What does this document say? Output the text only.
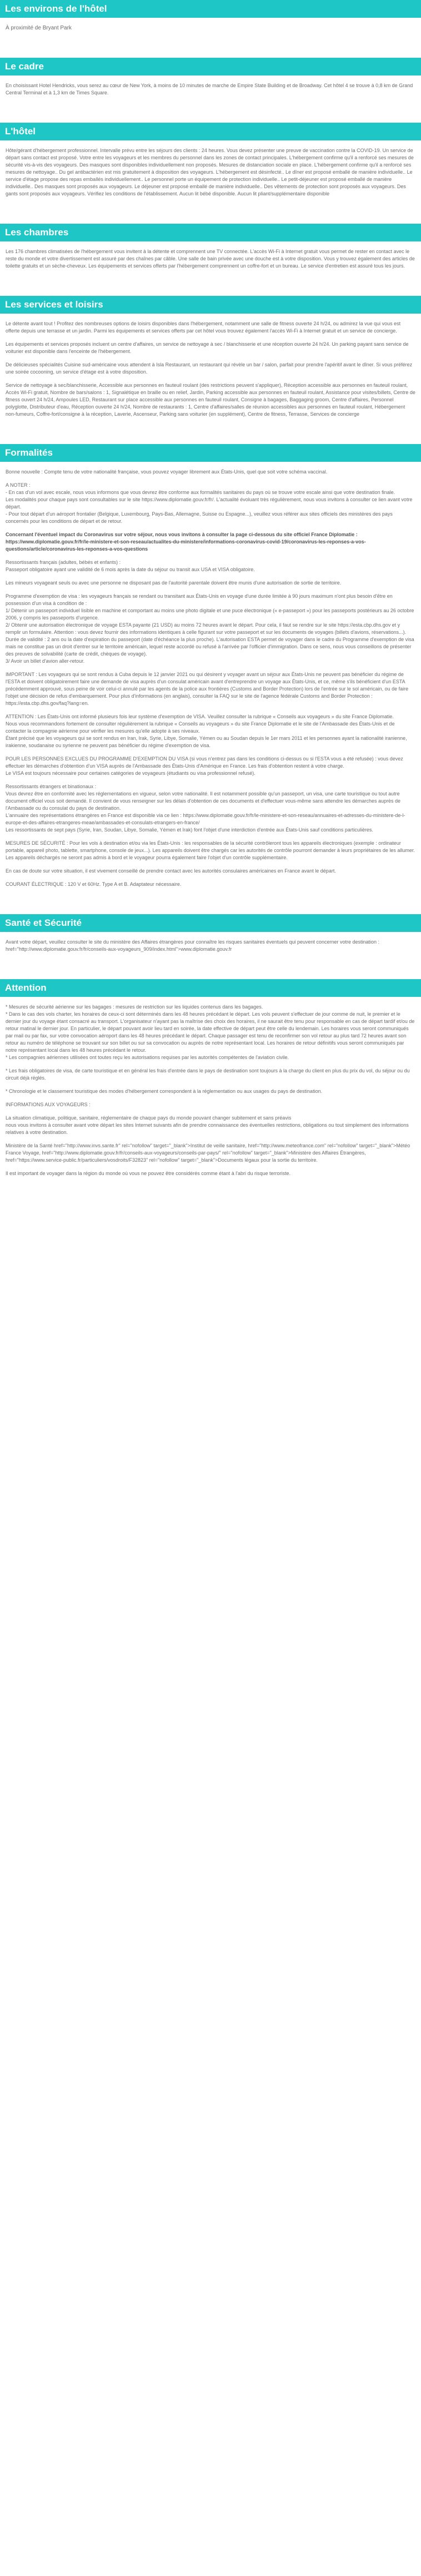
Les environs de l'hôtel

À proximité de Bryant Park

Le cadre

En choisissant Hotel Hendricks, vous serez au cœur de New York, à moins de 10 minutes de marche de Empire State Building et de Broadway. Cet hôtel 4 se trouve à 0,8 km de Grand Central Terminal et à 1,3 km de Times Square.

L'hôtel

Hôte/gérant d'hébergement professionnel. Intervalle prévu entre les séjours des clients : 24 heures. Vous devez présenter une preuve de vaccination contre la COVID-19. Un service de départ sans contact est proposé. Votre entre les voyageurs et les membres du personnel dans les zones de contact principales. L'hébergement confirme qu'il a renforcé ses mesures de sécurité vis-à-vis des voyageurs. Des masques sont disponibles individuellement non proposés. Mesures de distanciation sociale en place. L'hébergement confirme qu'il a renforcé ses mesures de nettoyage.. Du gel antibactérien est mis gratuitement à disposition des voyageurs. L'hébergement est désinfecté.. Le dîner est proposé emballé de manière individuelle.. Le service d'étage propose des repas emballés individuellement.. Le personnel porte un équipement de protection individuelle.. Le petit-déjeuner est proposé emballé de manière individuelle.. Des masques sont proposés aux voyageurs. Le déjeuner est proposé emballé de manière individuelle.. Des vêtements de protection sont proposés aux voyageurs. Des gants sont proposés aux voyageurs. Vérifiez les conditions de l'établissement. Aucun lit bébé disponible. Aucun lit pliant/supplémentaire disponible

Les chambres

Les 176 chambres climatisées de l'hébergement vous invitent à la détente et comprennent une TV connectée. L'accès Wi-Fi à Internet gratuit vous permet de rester en contact avec le reste du monde et votre divertissement est assuré par des chaînes par câble. Une salle de bain privée avec une douche est à votre disposition. Vous y trouvez également des articles de toilette gratuits et un sèche-cheveux. Les équipements et services offerts par l'hébergement comprennent un coffre-fort et un bureau. Le service d'entretien est assuré tous les jours.

Les services et loisirs

Le détente avant tout ! Profitez des nombreuses options de loisirs disponibles dans l'hébergement, notamment une salle de fitness ouverte 24 h/24, ou admirez la vue qui vous est offerte depuis une terrasse et un jardin. Parmi les équipements et services offerts par cet hôtel vous trouvez également l'accès Wi-Fi à Internet gratuit et un service de concierge.

Les équipements et services proposés incluent un centre d'affaires, un service de nettoyage à sec / blanchisserie et une réception ouverte 24 h/24. Un parking payant sans service de voiturier est disponible dans l'enceinte de l'hébergement.

De délicieuses spécialités Cuisine sud-américaine vous attendent à Isla Restaurant, un restaurant qui révèle un bar / salon, parfait pour prendre l'apéritif avant le dîner. Si vous préférez une soirée cocooning, un service d'étage est à votre disposition.

Service de nettoyage à sec/blanchisserie, Accessible aux personnes en fauteuil roulant (des restrictions peuvent s'appliquer), Réception accessible aux personnes en fauteuil roulant, Accès Wi-Fi gratuit, Nombre de bars/salons : 1, Signalétique en braille ou en relief, Jardin, Parking accessible aux personnes en fauteuil roulant, Assistance pour visites/billets, Centre de fitness ouvert 24 h/24, Ampoules LED, Restaurant sur place accessible aux personnes en fauteuil roulant, Consigne à bagages, Baggaging groom, Centre d'affaires, Personnel polyglotte, Distributeur d'eau, Réception ouverte 24 h/24, Nombre de restaurants : 1, Centre d'affaires/salles de réunion accessibles aux personnes en fauteuil roulant, Hébergement non-fumeurs, Coffre-fort/consigne à la réception, Laverie, Ascenseur, Parking sans voiturier (en supplément), Centre de fitness, Terrasse, Services de concierge

Formalités

Bonne nouvelle : Compte tenu de votre nationalité française, vous pouvez voyager librement aux États-Unis, quel que soit votre schéma vaccinal.

A NOTER :
- En cas d'un vol avec escale, nous vous informons que vous devrez être conforme aux formalités sanitaires du pays où se trouve votre escale ainsi que votre destination finale.
Les modalités pour chaque pays sont consultables sur le site https://www.diplomatie.gouv.fr/fr/. L'actualité évoluant très régulièrement, nous vous invitons à consulter ce lien avant votre départ.
- Pour tout départ d'un aéroport frontalier (Belgique, Luxembourg, Pays-Bas, Allemagne, Suisse ou Espagne...), veuillez vous référer aux sites officiels des ministères des pays concernés pour les conditions de départ et de retour.

Concernant l'éventuel impact du Coronavirus sur votre séjour, nous vous invitons à consulter la page ci-dessous du site officiel France Diplomatie :
https://www.diplomatie.gouv.fr/fr/le-ministere-et-son-reseau/actualites-du-ministere/informations-coronavirus-covid-19/coronavirus-les-reponses-a-vos-questions/article/coronavirus-les-reponses-a-vos-questions

Ressortissants français (adultes, bébés et enfants) :
Passeport obligatoire ayant une validité de 6 mois après la date du séjour ou transit aux USA et VISA obligatoire.

Les mineurs voyageant seuls ou avec une personne ne disposant pas de l'autorité parentale doivent être munis d'une autorisation de sortie de territoire.

Programme d'exemption de visa : les voyageurs français se rendant ou transitant aux États-Unis en voyage d'une durée limitée à 90 jours maximum n'ont plus besoin d'être en possession d'un visa à condition de :
1/ Détenir un passeport individuel lisible en machine et comportant au moins une photo digitale et une puce électronique (« e-passeport ») pour les passeports postérieurs au 26 octobre 2006, y compris les passeports d'urgence.
2/ Obtenir une autorisation électronique de voyage ESTA payante (21 USD) au moins 72 heures avant le départ. Pour cela, il faut se rendre sur le site https://esta.cbp.dhs.gov et y remplir un formulaire. Attention : vous devez fournir des informations identiques à celle figurant sur votre passeport et sur les documents de voyages (billets d'avions, réservations...). Durée de validité : 2 ans ou la date d'expiration du passeport (date d'échéance la plus proche). L'autorisation ESTA permet de voyager dans le cadre du Programme d'exemption de visa mais ne constitue pas un droit d'entrer sur le territoire américain, lequel reste accordé ou refusé à l'arrivée par l'officier d'immigration. Dans ce sens, nous vous conseillons de présenter des preuves de solvabilité (carte de crédit, chèques de voyage).
3/ Avoir un billet d'avion aller-retour.

IMPORTANT : Les voyageurs qui se sont rendus à Cuba depuis le 12 janvier 2021 ou qui désirent y voyager avant un séjour aux États-Unis ne peuvent pas bénéficier du régime de l'ESTA et doivent obligatoirement faire une demande de visa auprès d'un consulat américain avant d'entreprendre un voyage aux États-Unis, et ce, même s'ils bénéficient d'un ESTA précédemment approuvé, sous peine de voir celui-ci annulé par les agents de la police aux frontières (Customs and Border Protection) lors de l'entrée sur le sol américain, ou de faire l'objet une décision de refus d'embarquement. Pour plus d'informations (en anglais), consulter la FAQ sur le site de l'agence fédérale Customs and Border Protection : https://esta.cbp.dhs.gov/faq?lang=en.

ATTENTION : Les États-Unis ont informé plusieurs fois leur système d'exemption de VISA. Veuillez consulter la rubrique « Conseils aux voyageurs » du site France Diplomatie.
Nous vous recommandons fortement de consulter régulièrement la rubrique « Conseils au voyageurs » du site France Diplomatie et le site de l'Ambassade des États-Unis et de contacter la compagnie aérienne pour vérifier les mesures qu'elle adopte à ses niveaux.
Étant précisé que les voyageurs qui se sont rendus en Iran, Irak, Syrie, Libye, Somalie, Yémen ou au Soudan depuis le 1er mars 2011 et les personnes ayant la nationalité iranienne, irakienne, soudanaise ou syrienne ne peuvent pas bénéficier du régime d'exemption de visa.

POUR LES PERSONNES EXCLUES DU PROGRAMME D'EXEMPTION DU VISA (si vous n'entrez pas dans les conditions ci-dessus ou si l'ESTA vous a été refusée) : vous devez effectuer les démarches d'obtention d'un VISA auprès de l'Ambassade des États-Unis d'Amérique en France. Les frais d'obtention restent à votre charge.
Le VISA est toujours nécessaire pour certaines catégories de voyageurs (étudiants ou visa professionnel refusé).

Ressortissants étrangers et binationaux :
Vous devrez être en conformité avec les réglementations en vigueur, selon votre nationalité. Il est notamment possible qu'un passeport, un visa, une carte touristique ou tout autre document officiel vous soit demandé. Il convient de vous renseigner sur les délais d'obtention de ces documents et d'effectuer vous-même sans attendre les démarches auprès de l'Ambassade ou du consulat du pays de destination.
L'annuaire des représentations étrangères en France est disponible via ce lien : https://www.diplomatie.gouv.fr/fr/le-ministere-et-son-reseau/annuaires-et-adresses-du-ministere-de-l-europe-et-des-affaires-etrangeres-meae/ambassades-et-consulats-etrangers-en-france/
Les ressortissants de sept pays (Syrie, Iran, Soudan, Libye, Somalie, Yémen et Irak) font l'objet d'une interdiction d'entrée aux États-Unis sauf conditions particulières.

MESURES DE SÉCURITÉ : Pour les vols à destination et/ou via les États-Unis : les responsables de la sécurité contrôleront tous les appareils électroniques (exemple : ordinateur portable, appareil photo, tablette, smartphone, console de jeux...). Les appareils doivent être chargés car les autorités de contrôle pourront demander à leurs propriétaires de les allumer. Les appareils déchargés ne seront pas admis à bord et le voyageur pourra également faire l'objet d'un contrôle supplémentaire.

En cas de doute sur votre situation, il est vivement conseillé de prendre contact avec les autorités consulaires américaines en France avant le départ.

COURANT ÉLECTRIQUE : 120 V et 60Hz. Type A et B. Adaptateur nécessaire.

Santé et Sécurité

Avant votre départ, veuillez consulter le site du ministère des Affaires étrangères pour connaître les risques sanitaires éventuels qui peuvent concerner votre destination : href="http://www.diplomatie.gouv.fr/fr/conseils-aux-voyageurs_909/index.html">www.diplomatie.gouv.fr

Attention

* Mesures de sécurité aérienne sur les bagages : mesures de restriction sur les liquides contenus dans les bagages.
* Dans le cas des vols charter, les horaires de ceux-ci sont déterminés dans les 48 heures précédant le départ. Les vols peuvent s'effectuer de jour comme de nuit, le premier et le dernier jour du voyage étant consacré au transport. L'organisateur n'ayant pas la maîtrise des choix des horaires, il ne saurait être tenu pour responsable en cas de départ tardif et/ou de retour matinal le dernier jour. En particulier, le départ pouvant avoir lieu tard en soirée, la date effective de départ peut être celle du lendemain. Les horaires vous seront communiqués par mail ou par fax, sur votre convocation aéroport dans les 48 heures précédant le départ. Chaque passager est tenu de reconfirmer son vol retour au plus tard 72 heures avant son retour au numéro de téléphone se trouvant sur son billet ou sur sa convocation ou auprès de notre représentant local. Les horaires de retour définitifs vous seront communiqués par notre représentant local dans les 48 heures précédant le retour.
* Les compagnies aériennes utilisées ont toutes reçu les autorisations requises par les autorités compétentes de l'aviation civile.

* Les frais obligatoires de visa, de carte touristique et en général les frais d'entrée dans le pays de destination sont toujours à la charge du client en plus du prix du vol, du séjour ou du circuit déjà réglés.

* Chronologie et le classement touristique des modes d'hébergement correspondent à la réglementation ou aux usages du pays de destination.

INFORMATIONS AUX VOYAGEURS :

La situation climatique, politique, sanitaire, réglementaire de chaque pays du monde pouvant changer subitement et sans préavis
nous vous invitons à consulter avant votre départ les sites Internet suivants afin de prendre connaissance des éventuelles restrictions, obligations ou tout simplement des informations relatives à votre destination.

Ministère de la Santé href="http://www.invs.sante.fr" rel="nofollow" target="_blank">Institut de veille sanitaire, href="http://www.meteofrance.com" rel="nofollow" target="_blank">Météo France Voyage, href="http://www.diplomatie.gouv.fr/fr/conseils-aux-voyageurs/conseils-par-pays/" rel="nofollow" target="_blank">Ministère des Affaires Étrangères, href="https://www.service-public.fr/particuliers/vosdroits/F32823" rel="nofollow" target="_blank">Documents légaux pour la sortie du territoire.

Il est important de voyager dans la région du monde où vous ne pouvez être considérés comme étant à l'abri du risque terroriste.
